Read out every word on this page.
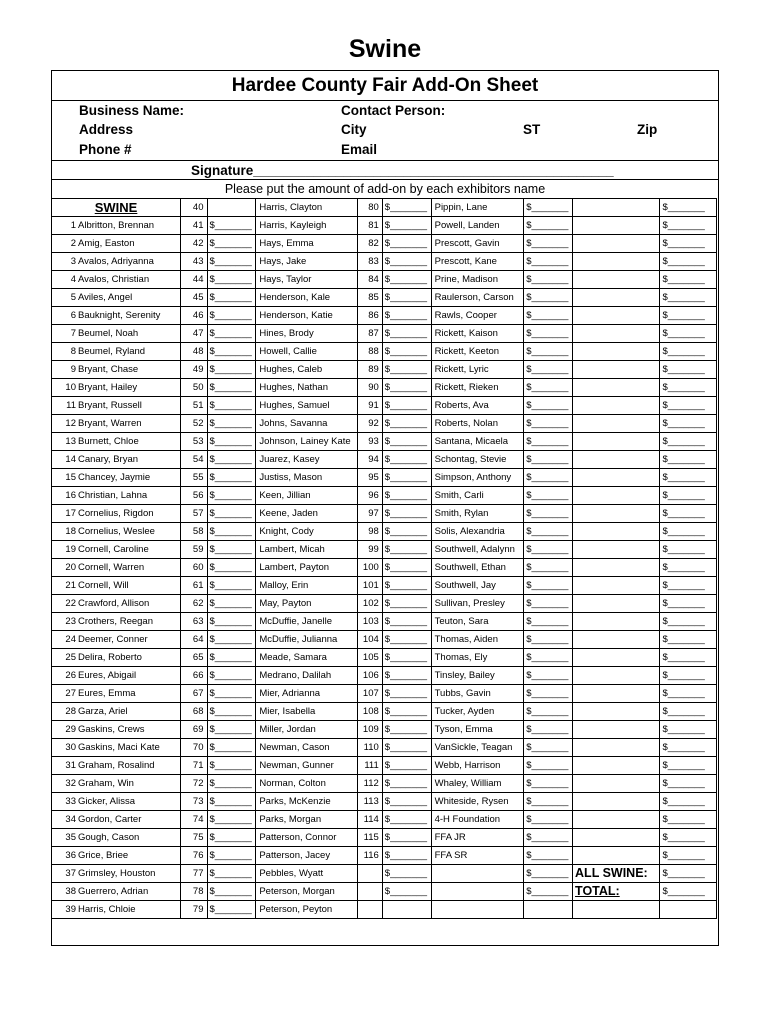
Swine
Hardee County Fair Add-On Sheet
Business Name:	Contact Person:
Address	City	ST	Zip
Phone #	Email
Signature________________________________________________
Please put the amount of add-on by each exhibitors name
SWINE	40		Harris, Clayton	80	$_______	Pippin, Lane	$_______		$_______
1 Albritton, Brennan	41	$_______	Harris, Kayleigh	81	$_______	Powell, Landen	$_______		$_______
2 Amig, Easton	42	$_______	Hays, Emma	82	$_______	Prescott, Gavin	$_______		$_______
3 Avalos, Adriyanna	43	$_______	Hays, Jake	83	$_______	Prescott, Kane	$_______		$_______
4 Avalos, Christian	44	$_______	Hays, Taylor	84	$_______	Prine, Madison	$_______		$_______
5 Aviles, Angel	45	$_______	Henderson, Kale	85	$_______	Raulerson, Carson	$_______		$_______
6 Bauknight, Serenity	46	$_______	Henderson, Katie	86	$_______	Rawls, Cooper	$_______		$_______
7 Beumel, Noah	47	$_______	Hines, Brody	87	$_______	Rickett, Kaison	$_______		$_______
8 Beumel, Ryland	48	$_______	Howell, Callie	88	$_______	Rickett, Keeton	$_______		$_______
9 Bryant, Chase	49	$_______	Hughes, Caleb	89	$_______	Rickett, Lyric	$_______		$_______
10 Bryant, Hailey	50	$_______	Hughes, Nathan	90	$_______	Rickett, Rieken	$_______		$_______
11 Bryant, Russell	51	$_______	Hughes, Samuel	91	$_______	Roberts, Ava	$_______		$_______
12 Bryant, Warren	52	$_______	Johns, Savanna	92	$_______	Roberts, Nolan	$_______		$_______
13 Burnett, Chloe	53	$_______	Johnson, Lainey Kate	93	$_______	Santana, Micaela	$_______		$_______
14 Canary, Bryan	54	$_______	Juarez, Kasey	94	$_______	Schontag, Stevie	$_______		$_______
15 Chancey, Jaymie	55	$_______	Justiss, Mason	95	$_______	Simpson, Anthony	$_______		$_______
16 Christian, Lahna	56	$_______	Keen, Jillian	96	$_______	Smith, Carli	$_______		$_______
17 Cornelius, Rigdon	57	$_______	Keene, Jaden	97	$_______	Smith, Rylan	$_______		$_______
18 Cornelius, Weslee	58	$_______	Knight, Cody	98	$_______	Solis, Alexandria	$_______		$_______
19 Cornell, Caroline	59	$_______	Lambert, Micah	99	$_______	Southwell, Adalynn	$_______		$_______
20 Cornell, Warren	60	$_______	Lambert, Payton	100	$_______	Southwell, Ethan	$_______		$_______
21 Cornell, Will	61	$_______	Malloy, Erin	101	$_______	Southwell, Jay	$_______		$_______
22 Crawford, Allison	62	$_______	May, Payton	102	$_______	Sullivan, Presley	$_______		$_______
23 Crothers, Reegan	63	$_______	McDuffie, Janelle	103	$_______	Teuton, Sara	$_______		$_______
24 Deemer, Conner	64	$_______	McDuffie, Julianna	104	$_______	Thomas, Aiden	$_______		$_______
25 Delira, Roberto	65	$_______	Meade, Samara	105	$_______	Thomas, Ely	$_______		$_______
26 Eures, Abigail	66	$_______	Medrano, Dalilah	106	$_______	Tinsley, Bailey	$_______		$_______
27 Eures, Emma	67	$_______	Mier, Adrianna	107	$_______	Tubbs, Gavin	$_______		$_______
28 Garza, Ariel	68	$_______	Mier, Isabella	108	$_______	Tucker, Ayden	$_______		$_______
29 Gaskins, Crews	69	$_______	Miller, Jordan	109	$_______	Tyson, Emma	$_______		$_______
30 Gaskins, Maci Kate	70	$_______	Newman, Cason	110	$_______	VanSickle, Teagan	$_______		$_______
31 Graham, Rosalind	71	$_______	Newman, Gunner	111	$_______	Webb, Harrison	$_______		$_______
32 Graham, Win	72	$_______	Norman, Colton	112	$_______	Whaley, William	$_______		$_______
33 Gicker, Alissa	73	$_______	Parks, McKenzie	113	$_______	Whiteside, Rysen	$_______		$_______
34 Gordon, Carter	74	$_______	Parks, Morgan	114	$_______	4-H Foundation	$_______		$_______
35 Gough, Cason	75	$_______	Patterson, Connor	115	$_______	FFA JR	$_______		$_______
36 Grice, Briee	76	$_______	Patterson, Jacey	116	$_______	FFA SR	$_______		$_______
37 Grimsley, Houston	77	$_______	Pebbles, Wyatt		$_______		$_______	ALL SWINE:	$_______
38 Guerrero, Adrian	78	$_______	Peterson, Morgan		$_______		$_______	TOTAL:	$_______
39 Harris, Chloie	79	$_______	Peterson, Peyton						
